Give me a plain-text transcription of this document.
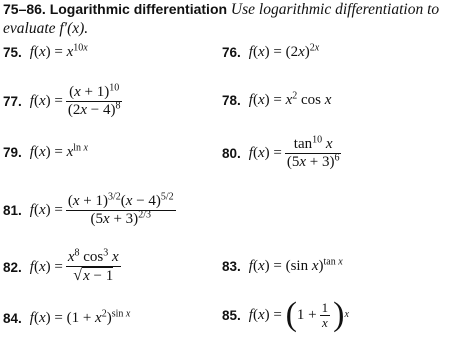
75–86. Logarithmic differentiation Use logarithmic differentiation to
evaluate f′(x).
75. $f(x) = x^{10x}$	76. $f(x) = (2x)^{2x}$
77. f ( x ) = $\frac{(x + 1)^{10}}{(2x - 4)^8}$	78. $f(x) = x^2$ cos x
79. $f(x) = x^{ln x}$	80. f ( x ) = $\frac{\tan^{10} x}{(5x + 3)^6}$
81. f ( x ) = $\frac{(x + 1)^{3/2}(x - 4)^{5/2}}{(5x + 3)^{2/3}}$
82. f ( x ) = $\frac{x^8 \cos^3 x}{√x - 1}$	83. f(x) = (sin x)$^{tan x}$
84. $f(x) = (1 + x^2)^{sin x}$	85. f ( x ) = ( $1 + \frac{1}{x}$ ) x
